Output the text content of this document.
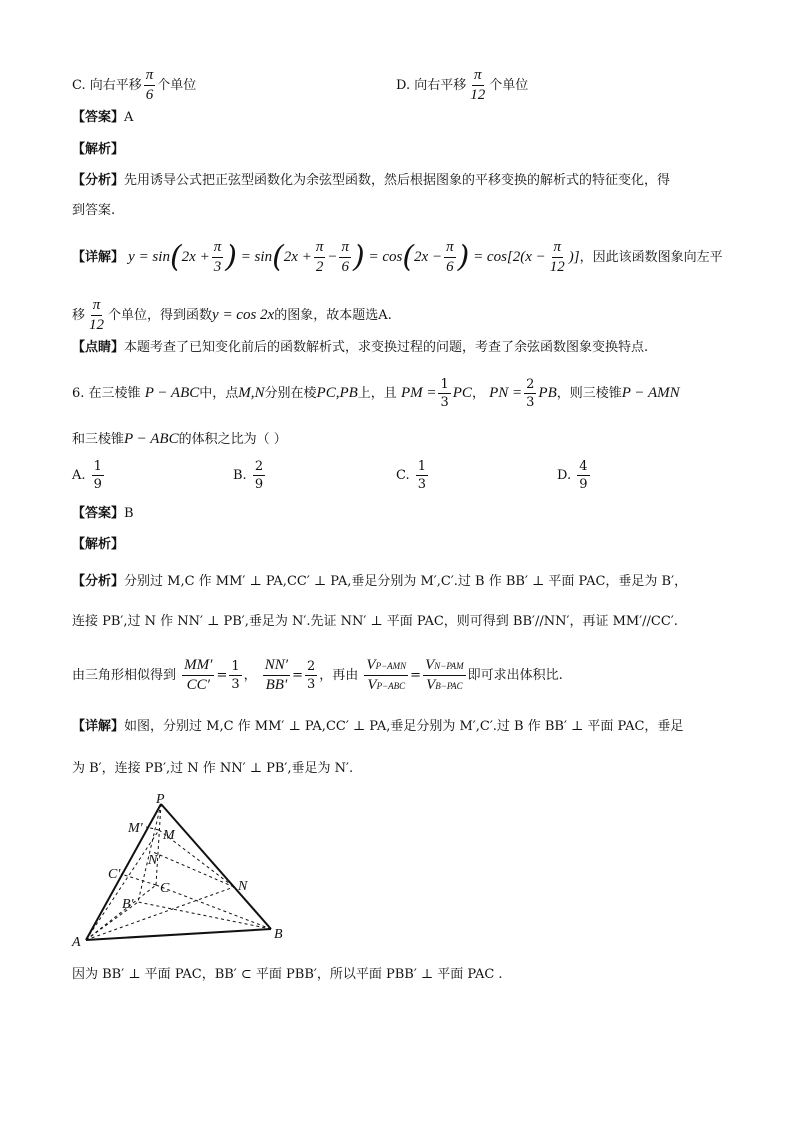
C. 向右平移 $\frac{\pi}{6}$ 个单位	D. 向右平移 $\frac{\pi}{12}$ 个单位
【答案】A
【解析】
【分析】先用诱导公式把正弦型函数化为余弦型函数，然后根据图象的平移变换的解析式的特征变化，得
到答案.
【详解】 $y = \sin(2x + \frac{\pi}{3}$ ) = $\sin(2x + \frac{\pi}{2} - \frac{\pi}{6}$ ) = $\cos(2x - \frac{\pi}{6}$ ) = $\cos[2(x - \frac{\pi}{12}$ )]，因此该函数图象向左平
移 $\frac{\pi}{12}$ 个单位，得到函数y = cos 2x的图象，故本题选A.
【点睛】本题考查了已知变化前后的函数解析式，求变换过程的问题，考查了余弦函数图象变换特点.
6. 在三棱锥 P − ABC中，点M,N分别在棱PC,PB上，且 PM = $\frac{1}{3}$ PC， PN = $\frac{2}{3}$ PB，则三棱锥P − AMN
和三棱锥P − ABC的体积之比为（ ）
A. $\frac{1}{9}$	B. $\frac{2}{9}$	C. $\frac{1}{3}$	D. $\frac{4}{9}$
【答案】B
【解析】
【分析】分别过 M,C 作 MM′ ⊥ PA,CC′ ⊥ PA,垂足分别为 M′,C′.过 B 作 BB′ ⊥ 平面 PAC，垂足为 B′，
连接 PB′,过 N 作 NN′ ⊥ PB′,垂足为 N′.先证 NN′ ⊥ 平面 PAC，则可得到 BB′//NN′，再证 MM′//CC′.
由三角形相似得到 $\frac{MM'}{CC'} = \frac{1}{3}$ ， $\frac{NN'}{BB'} = \frac{2}{3}$ ，再由 $\frac{\text{VP−AMN}}{\text{VP−ABC}} = \frac{\text{VN−PAM}}{\text{VB−PAC}}$ 即可求出体积比.
【详解】如图，分别过 M,C 作 MM′ ⊥ PA,CC′ ⊥ PA,垂足分别为 M′,C′.过 B 作 BB′ ⊥ 平面 PAC，垂足
为 B′，连接 PB′,过 N 作 NN′ ⊥ PB′,垂足为 N′.
P
M′ M
N′
C′
C	N
B′
A
B
因为 BB′ ⊥ 平面 PAC，BB′ ⊂ 平面 PBB′，所以平面 PBB′ ⊥ 平面 PAC .
